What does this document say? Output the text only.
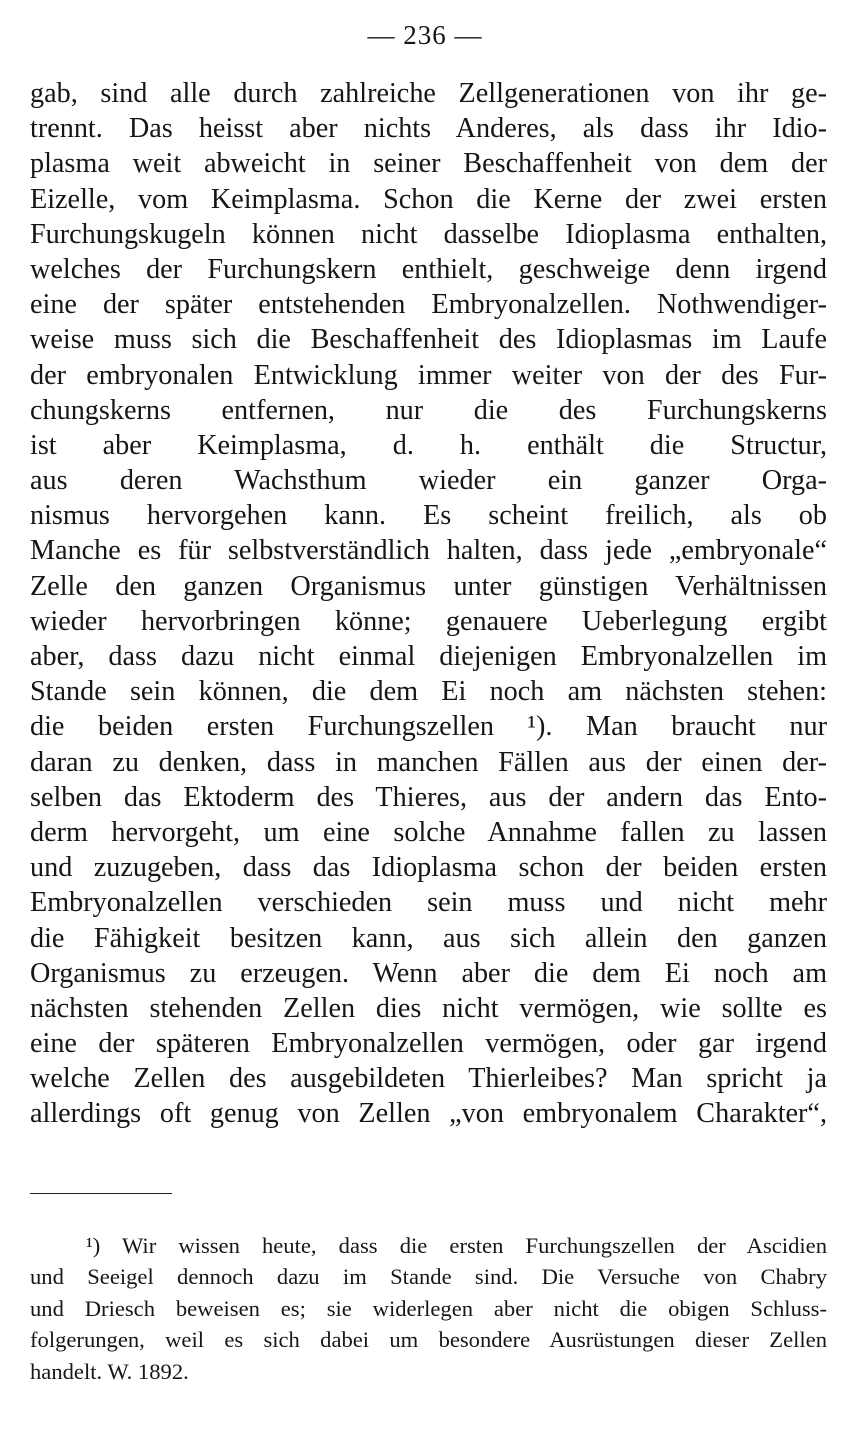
— 236 —
gab, sind alle durch zahlreiche Zellgenerationen von ihr ge-
trennt. Das heisst aber nichts Anderes, als dass ihr Idio-
plasma weit abweicht in seiner Beschaffenheit von dem der
Eizelle, vom Keimplasma. Schon die Kerne der zwei ersten
Furchungskugeln können nicht dasselbe Idioplasma enthalten,
welches der Furchungskern enthielt, geschweige denn irgend
eine der später entstehenden Embryonalzellen. Nothwendiger-
weise muss sich die Beschaffenheit des Idioplasmas im Laufe
der embryonalen Entwicklung immer weiter von der des Fur-
chungskerns entfernen, nur die des Furchungskerns
ist aber Keimplasma, d. h. enthält die Structur,
aus deren Wachsthum wieder ein ganzer Orga-
nismus hervorgehen kann. Es scheint freilich, als ob
Manche es für selbstverständlich halten, dass jede „embryonale“
Zelle den ganzen Organismus unter günstigen Verhältnissen
wieder hervorbringen könne; genauere Ueberlegung ergibt
aber, dass dazu nicht einmal diejenigen Embryonalzellen im
Stande sein können, die dem Ei noch am nächsten stehen:
die beiden ersten Furchungszellen ¹). Man braucht nur
daran zu denken, dass in manchen Fällen aus der einen der-
selben das Ektoderm des Thieres, aus der andern das Ento-
derm hervorgeht, um eine solche Annahme fallen zu lassen
und zuzugeben, dass das Idioplasma schon der beiden ersten
Embryonalzellen verschieden sein muss und nicht mehr
die Fähigkeit besitzen kann, aus sich allein den ganzen
Organismus zu erzeugen. Wenn aber die dem Ei noch am
nächsten stehenden Zellen dies nicht vermögen, wie sollte es
eine der späteren Embryonalzellen vermögen, oder gar irgend
welche Zellen des ausgebildeten Thierleibes? Man spricht ja
allerdings oft genug von Zellen „von embryonalem Charakter“,
¹) Wir wissen heute, dass die ersten Furchungszellen der Ascidien
und Seeigel dennoch dazu im Stande sind. Die Versuche von Chabry
und Driesch beweisen es; sie widerlegen aber nicht die obigen Schluss-
folgerungen, weil es sich dabei um besondere Ausrüstungen dieser Zellen
handelt. W. 1892.
